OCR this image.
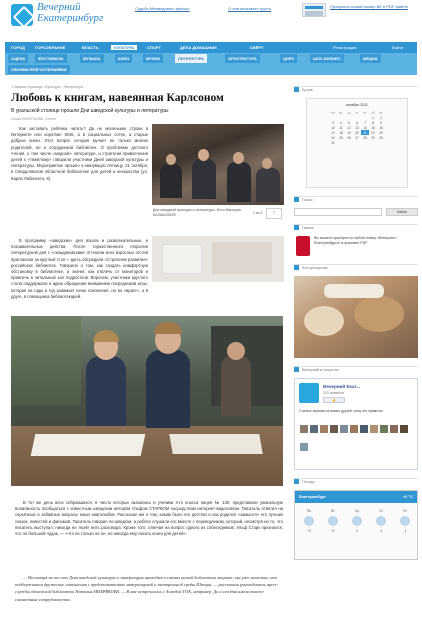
Вечерний
Екатеринбург
Судьба Межвидового фиаско	О чем вызывает грусть	Прекрасно новый номер ВЕ в PDF-файле
ГОРОД	ГОРСОБРАНИЕ	ВЛАСТЬ	КУЛЬТУРА	СПОРТ	ДЕЛА ДОМАШНИЕ	СВЁРТ	Регистрация	Войти
СЦЕНА	ФЕСТИВАЛЬ	МУЗЫКА	КИНО	МУЗЕИ	ЛИТЕРАТУРА	АРХИТЕКТУРА	ЦИРК	ШОУ-БИЗНЕС	МЕДИА
СВОИМИ ВПЕЧАТЛЕНИЯМИ
Главная страница › Культура › Литература
Любовь к книгам, навеянная Карлсоном
В уральской столице прошли Дни шведской культуры и литературы
Ольга БАТЕНКОВА, Олеся
Как заставить ребёнка читать? Да не маленькие строки в Интернете или короткие SMS, а в социальных сетях, а старые добрые книги. Этот вопрос сегодня мучает не только многих родителей, но и сотрудников библиотек. О проблемах детского чтения, о том числе «модной» литературе, и стратегии привлечения детей к «тяжёлому» говорили участники Дней шведской культуры и литературы. Мероприятие прошло в минувшую пятницу, 21 октября, в Свердловской областной библиотеке для детей и юношества (ул. Карла Либкнехта, 8).
Дни шведской культуры и литературы. Фото Виктории БАЛАШОВОЙ	1 из 3	›
В программу «шведских» дня вошли и развлекательные, и познавательные действа. После торжественного открытия литературной дня с «скандинавским» оттенком всех взрослых гостей пригласили за круглый стол « здесь обсуждали «Стратегии развития» российских библиотек. Говорили о том, как создать комфортную обстановку в библиотеке, а значит, как отвлечь от мониторов и привлечь в читальный зал подростков. Впрочем, участники круглого стола поддержали и идею обращения вниманием посредников игры, которая на годы в год занимает юное поколение, но во «враге», а в друге, в помощника библиотекарей.
В тот же день всех собравшихся, в число которых оказались и ученики 3-го класса лицея № 130, представили уникальную возможность пообщаться с известным шведским автором Ульфом СТАРКОМ посредством интернет-видеосвязи. Писатель ответил на серьёзные и забавные вопросы юных книголюбов. Рассказал им о том, каким было его детство и как родился «замысел» его лучших сказок, повестей и фильмов. Писатель говорил по-шведски, а ребята слушали его вместе с переводчиком, который, несмотря на то, что писатель выступал, никогда не терял нить разговора. Кроме того, отвечая на вопрос одного из собеседников, Ульф Старк признался, что он большой чудак, — «что не только не он, но никогда ему писать книги для детей».
— Несмотря на то что День шведской культуры и литературы проводят в стенах нашей библиотеки впервые, мы уже несколько лет поддерживаем дружеские отношения с представителями литературной и театральной среды Швеции, — рассказала руководитель пресс-службы областной библиотеки Наталья МИХРЯКОВА. — В мае встречались с Ахмедой ГОК, например. Да и сегодня имели также совместные сотрудничество.
Архив
октябрь 2011
пн	вт	ср	чт	пт	сб	вс
					1	2
3	4	5	6	7	8	9
10	11	12	13	14	15	16
17	18	19	20	21	22	23
24	25	26	27	28	29	30
31						
Поиск
Найти
Газета
Вы можете приобрести любой номер «Вечернего Екатеринбурга» в формате PDF
Фоторепортаж
Вечерний в соцсетях
Вечерний Екат...
370 нравится
👍
Станьте первым из ваших друзей, кому это нравится.
Погода
Екатеринбург	+2 °С
Пн
+3
Вт
+1
Ср
0
Чт
-2
Пт
-1
